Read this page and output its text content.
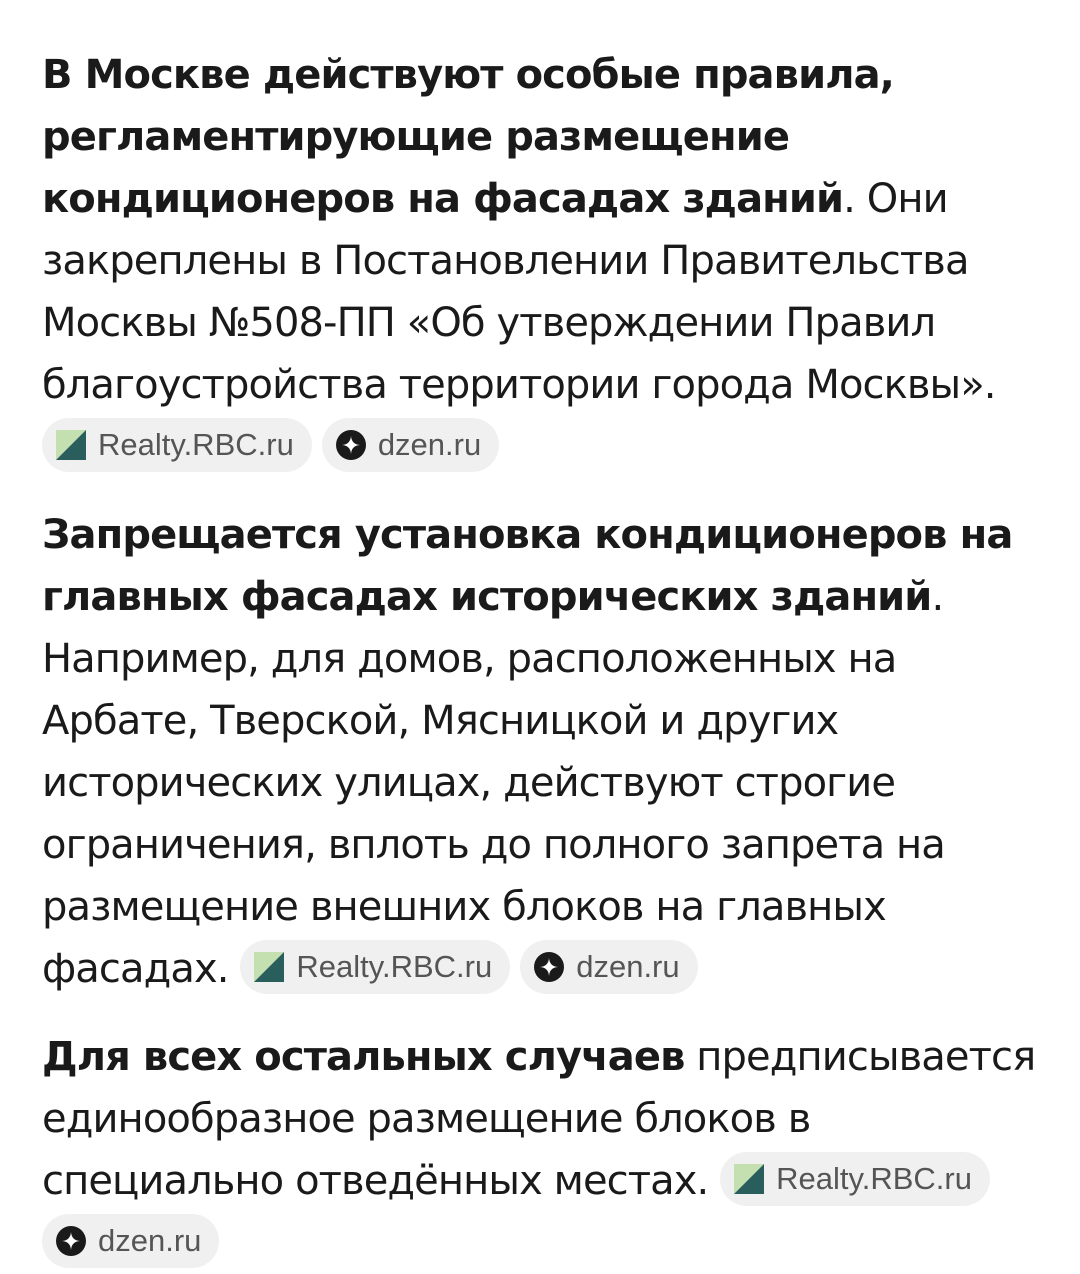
В Москве действуют особые правила, регламентирующие размещение кондиционеров на фасадах зданий. Они закреплены в Постановлении Правительства Москвы №508-ПП «Об утверждении Правил благоустройства территории города Москвы».
Realty.RBC.ru	dzen.ru

Запрещается установка кондиционеров на главных фасадах исторических зданий. Например, для домов, расположенных на Арбате, Тверской, Мясницкой и других исторических улицах, действуют строгие ограничения, вплоть до полного запрета на размещение внешних блоков на главных фасадах. Realty.RBC.ru	dzen.ru

Для всех остальных случаев предписывается единообразное размещение блоков в специально отведённых местах. Realty.RBC.ru
dzen.ru
